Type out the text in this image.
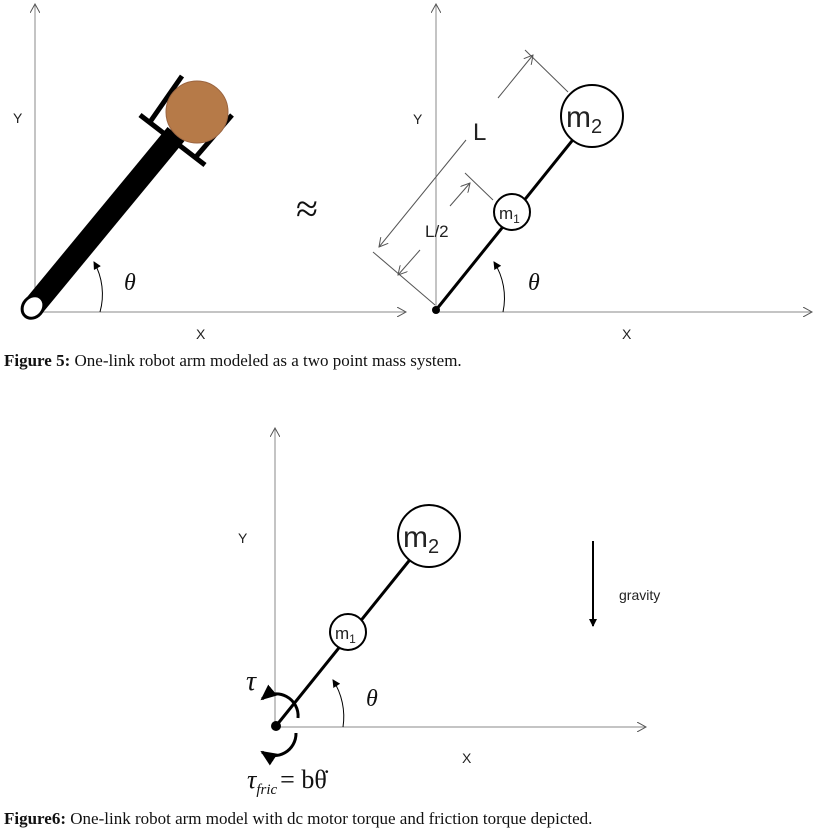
θ
Y
X
≈	$m_1$
$m_2$
L
L/2
θ
Y
X
$m_1$
$m_2$
θ
Y
X
τ
$\tau_{fric}$ = bθ̇
gravity
Figure 5: One-link robot arm modeled as a two point mass system.
Figure6: One-link robot arm model with dc motor torque and friction torque depicted.
